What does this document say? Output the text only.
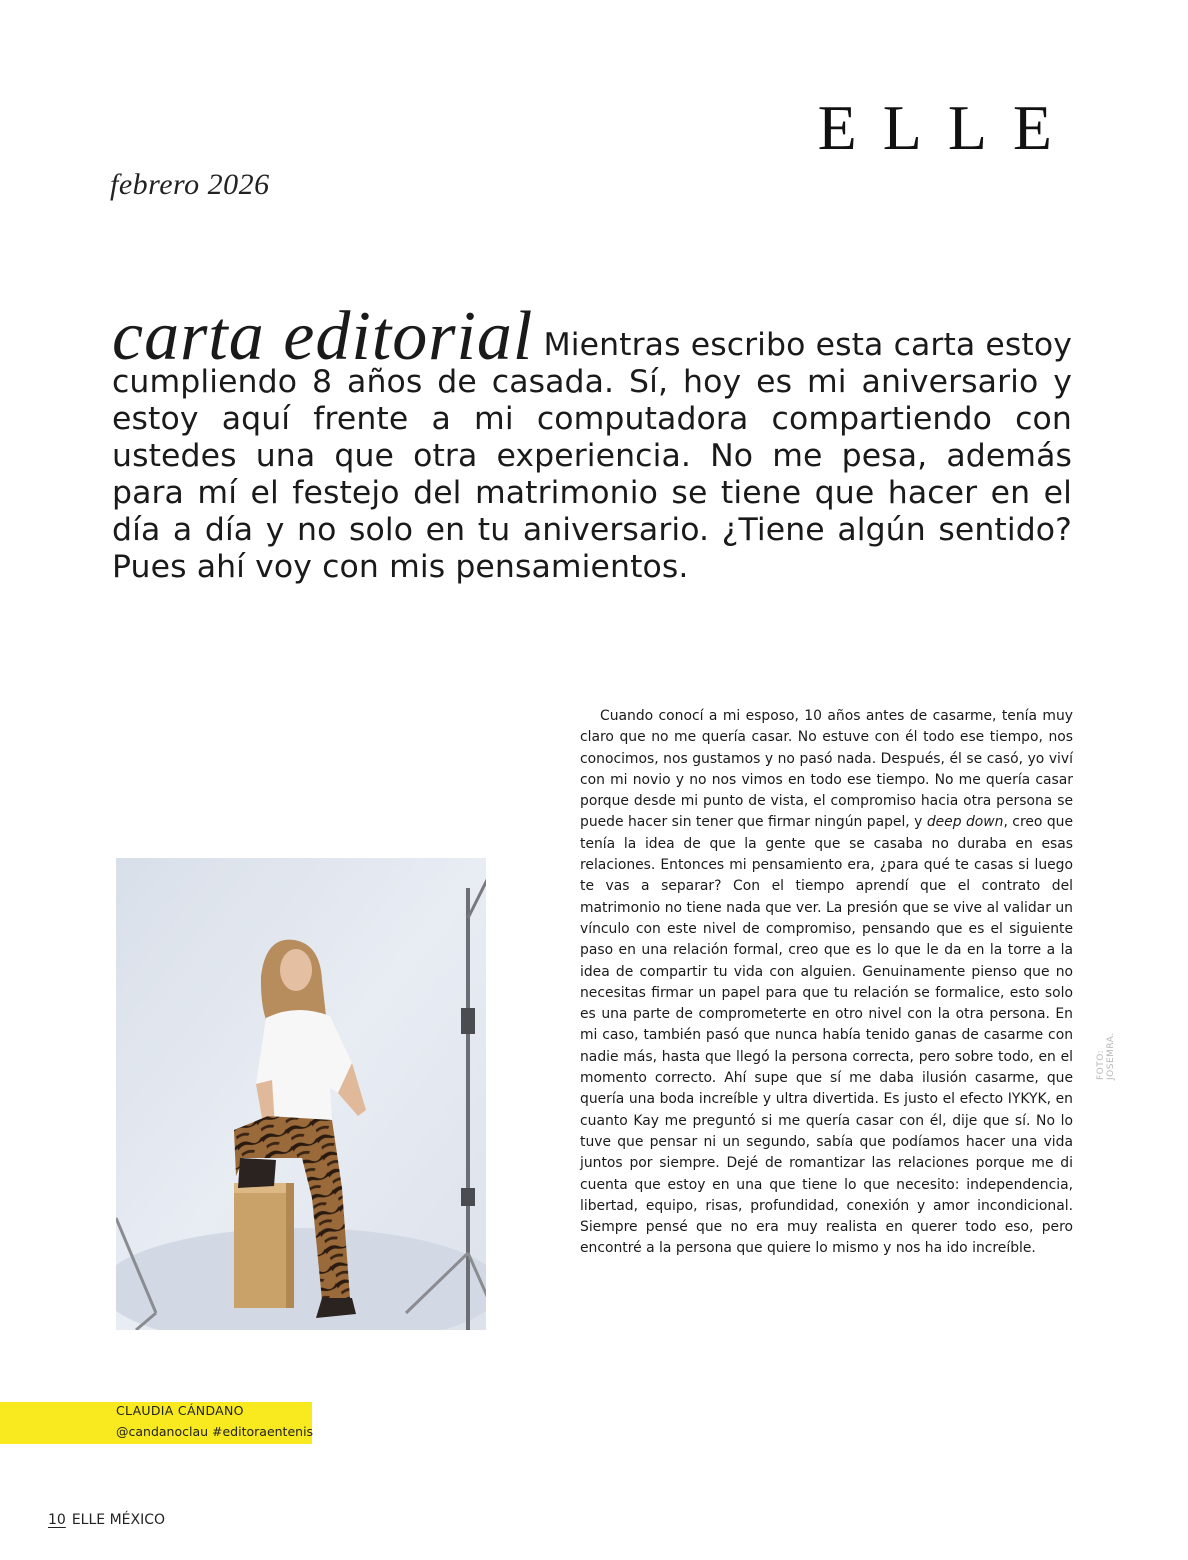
ELLE
febrero 2026
carta editorial Mientras escribo esta carta estoy cumpliendo 8 años de casada. Sí, hoy es mi aniversario y estoy aquí frente a mi computadora compartiendo con ustedes una que otra experiencia. No me pesa, además para mí el festejo del matrimonio se tiene que hacer en el día a día y no solo en tu aniversario. ¿Tiene algún sentido? Pues ahí voy con mis pensamientos.

Cuando conocí a mi esposo, 10 años antes de casarme, tenía muy claro que no me quería casar. No estuve con él todo ese tiempo, nos conocimos, nos gustamos y no pasó nada. Después, él se casó, yo viví con mi novio y no nos vimos en todo ese tiempo. No me quería casar porque desde mi punto de vista, el compromiso hacia otra persona se puede hacer sin tener que firmar ningún papel, y deep down, creo que tenía la idea de que la gente que se casaba no duraba en esas relaciones. Entonces mi pensamiento era, ¿para qué te casas si luego te vas a separar? Con el tiempo aprendí que el contrato del matrimonio no tiene nada que ver. La presión que se vive al validar un vínculo con este nivel de compromiso, pensando que es el siguiente paso en una relación formal, creo que es lo que le da en la torre a la idea de compartir tu vida con alguien. Genuinamente pienso que no necesitas firmar un papel para que tu relación se formalice, esto solo es una parte de comprometerte en otro nivel con la otra persona. En mi caso, también pasó que nunca había tenido ganas de casarme con nadie más, hasta que llegó la persona correcta, pero sobre todo, en el momento correcto. Ahí supe que sí me daba ilusión casarme, que quería una boda increíble y ultra divertida. Es justo el efecto IYKYK, en cuanto Kay me preguntó si me quería casar con él, dije que sí. No lo tuve que pensar ni un segundo, sabía que podíamos hacer una vida juntos por siempre. Dejé de romantizar las relaciones porque me di cuenta que estoy en una que tiene lo que necesito: independencia, libertad, equipo, risas, profundidad, conexión y amor incondicional. Siempre pensé que no era muy realista en querer todo eso, pero encontré a la persona que quiere lo mismo y nos ha ido increíble.

FOTO: JOSEMRA.
CLAUDIA CÁNDANO
@candanoclau #editoraentenis
10 ELLE MÉXICO
